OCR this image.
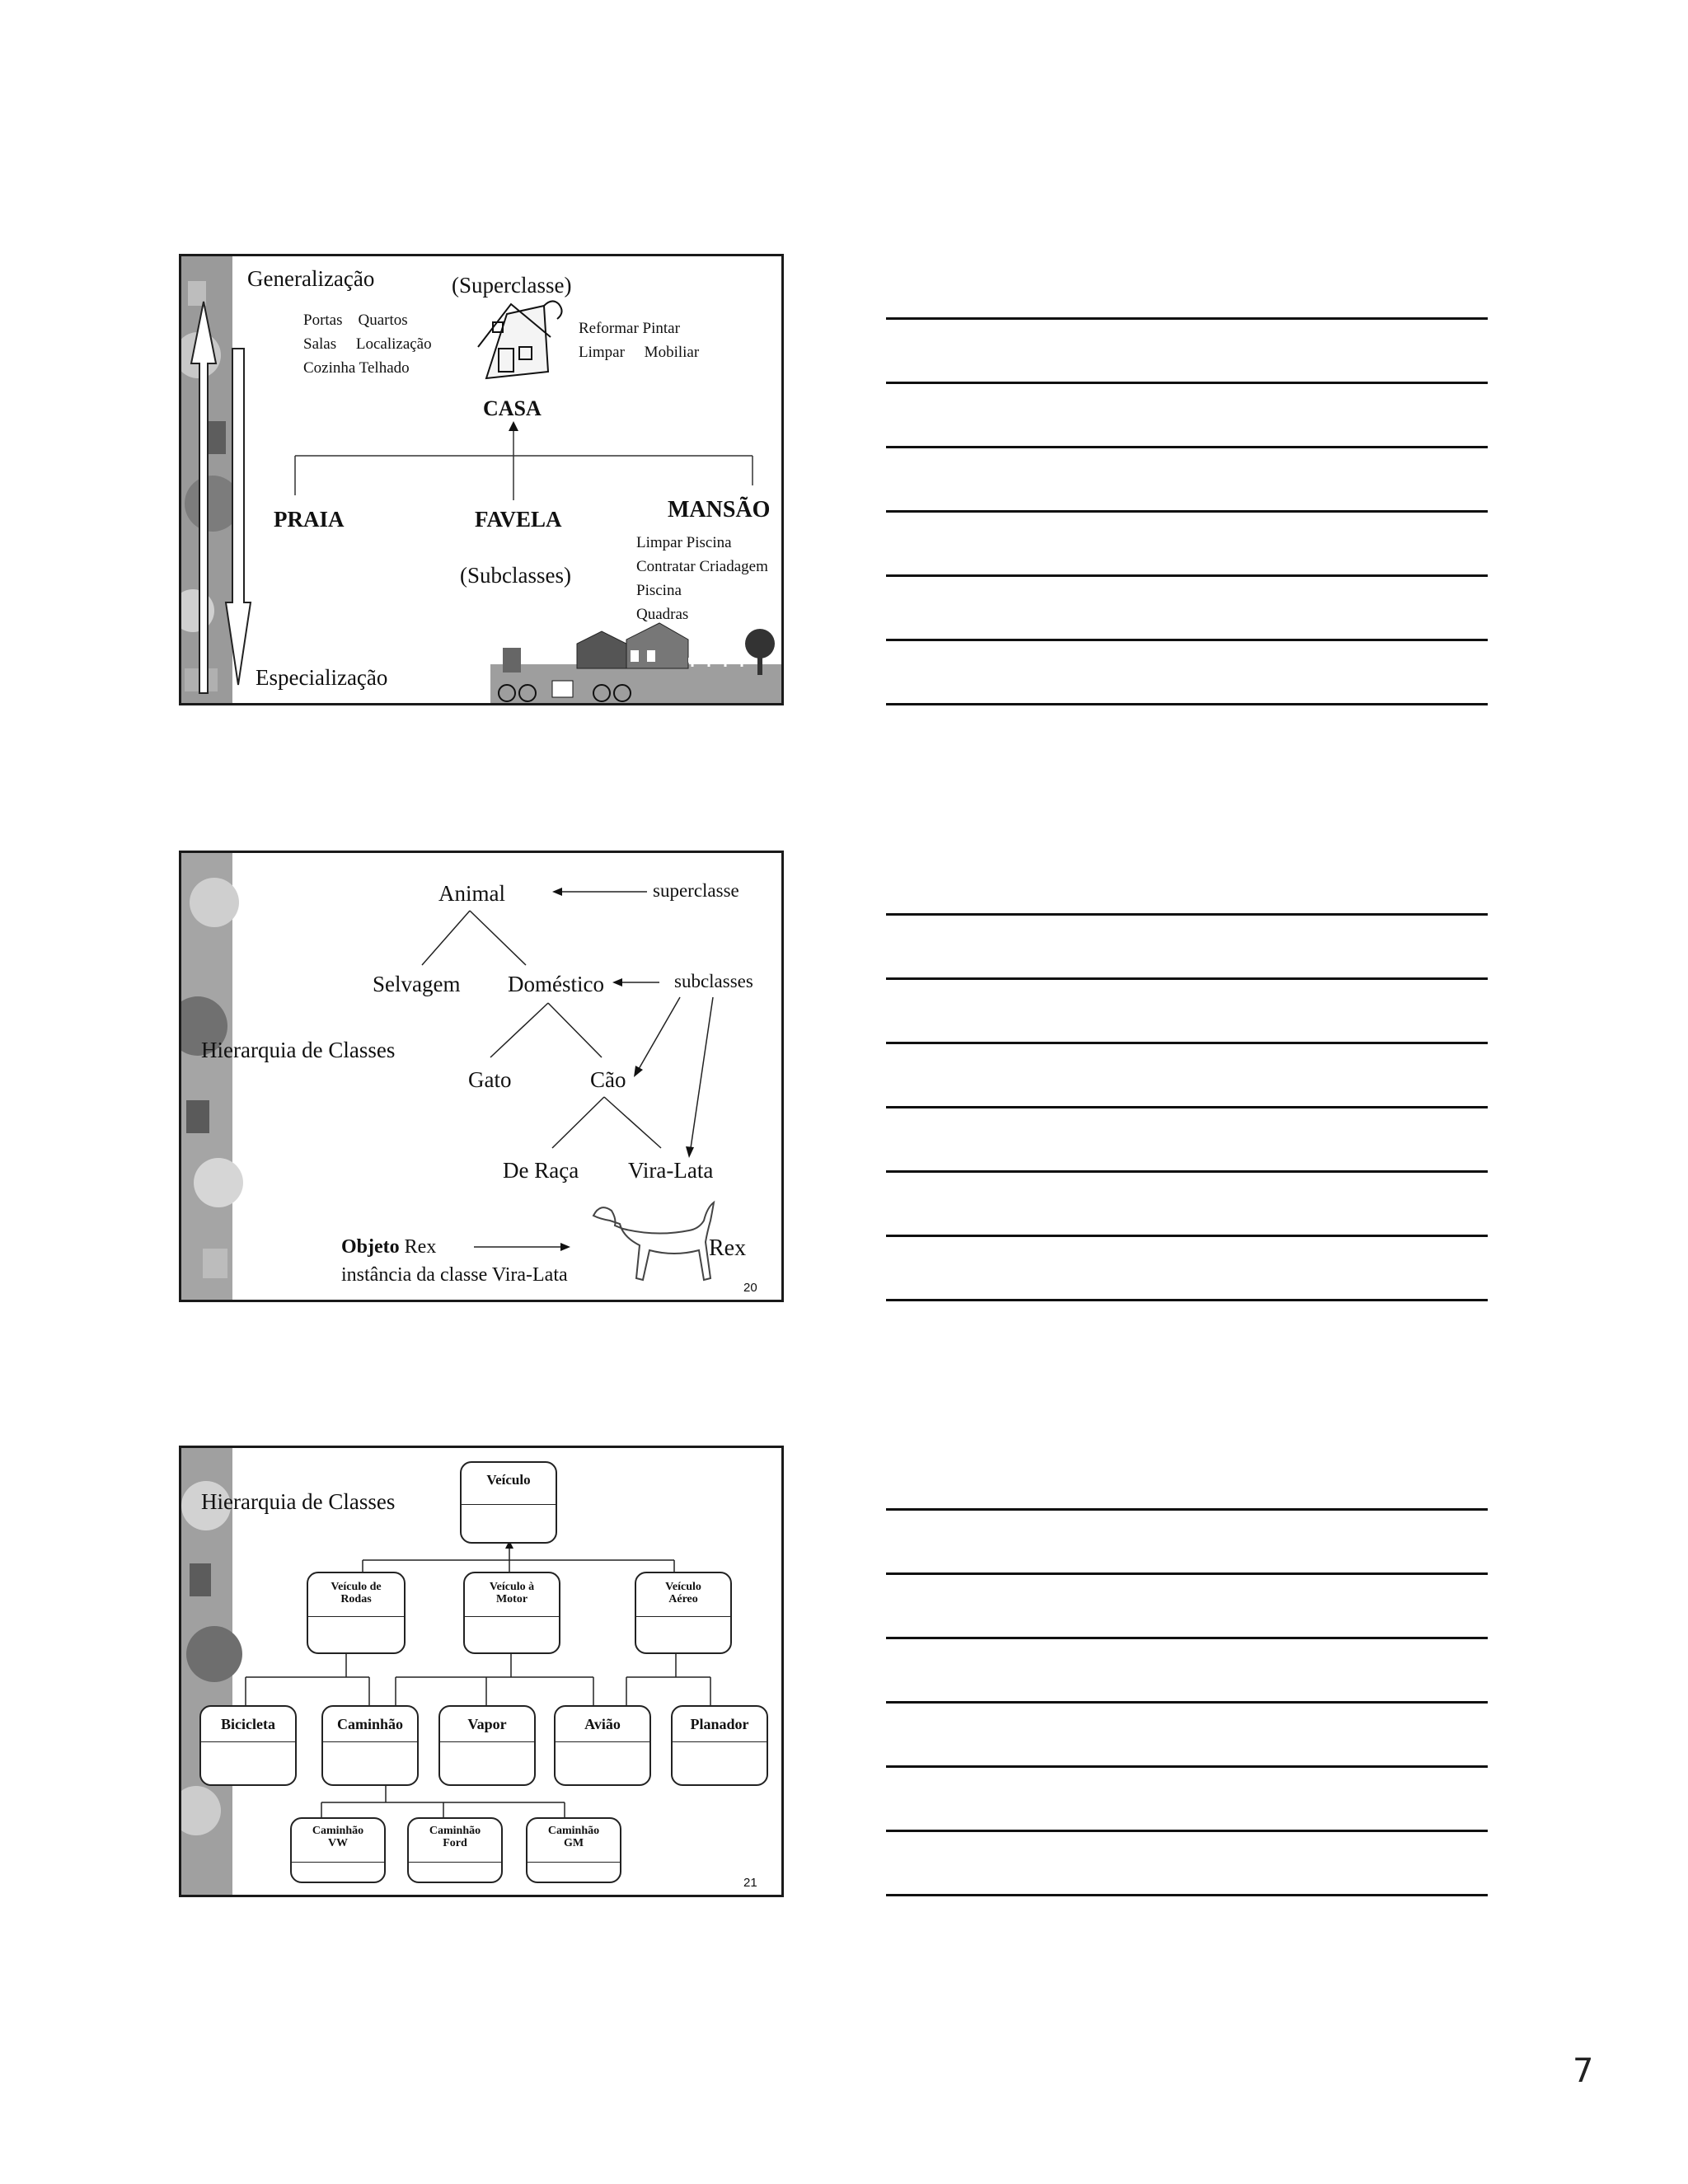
Generalização	(Superclasse)
Portas    Quartos
Salas     Localização
Cozinha Telhado
Reformar Pintar
Limpar     Mobiliar
CASA
PRAIA	FAVELA	MANSÃO
(Subclasses)
Limpar Piscina
Contratar Criadagem
Piscina
Quadras
Especialização
Animal	superclasse
Selvagem Doméstico	subclasses
Hierarquia de Classes
Gato	Cão
De Raça Vira-Lata
Objeto Rex
instância da classe Vira-Lata
Rex
20
Hierarquia de Classes
Veículo
Veículo de
Rodas
Veículo à
Motor
Veículo
Aéreo
Bicicleta	Caminhão	Vapor	Avião	Planador
Caminhão
VW
Caminhão
Ford
Caminhão
GM
21
7
